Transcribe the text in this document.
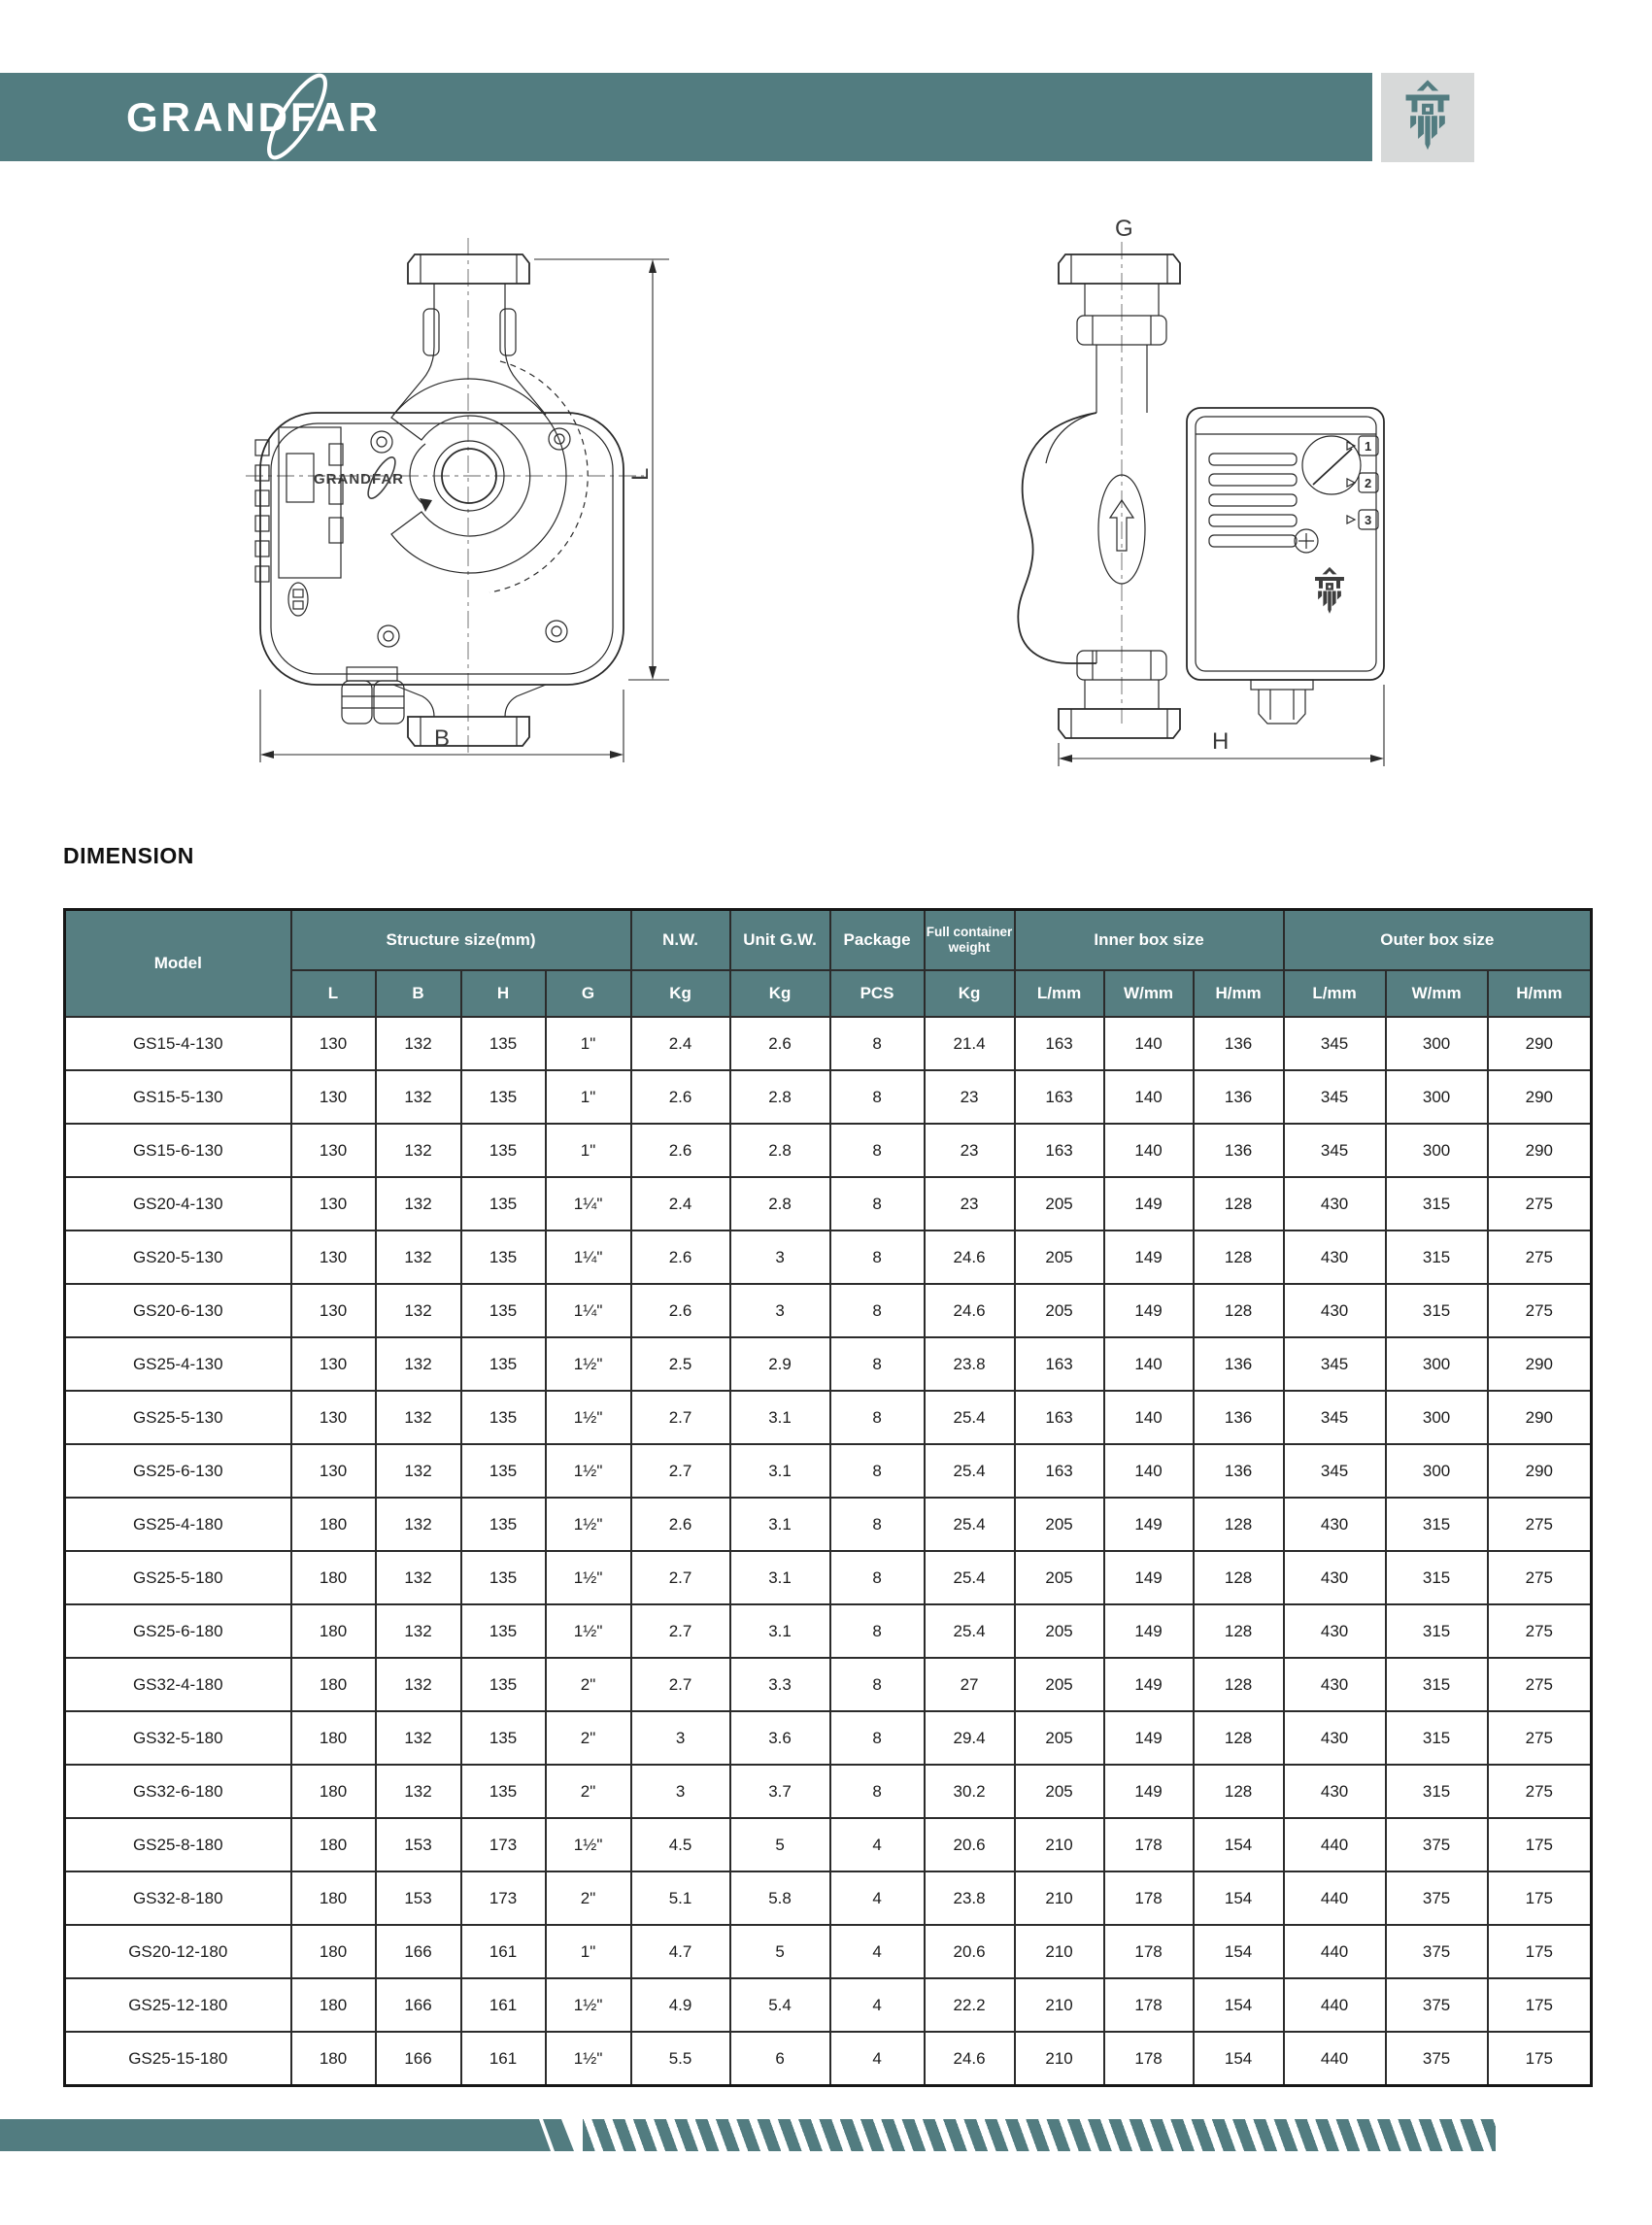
GRANDFAR
GRANDFAR
B
L
G
1
2
3
H
DIMENSION
Model	Structure size(mm)				N.W.	Unit G.W.	Package	Full container weight	Inner box size			Outer box size		
	L	B	H	G	Kg	Kg	PCS	Kg	L/mm	W/mm	H/mm	L/mm	W/mm	H/mm
GS15-4-130	130	132	135	1"	2.4	2.6	8	21.4	163	140	136	345	300	290
GS15-5-130	130	132	135	1"	2.6	2.8	8	23	163	140	136	345	300	290
GS15-6-130	130	132	135	1"	2.6	2.8	8	23	163	140	136	345	300	290
GS20-4-130	130	132	135	1¼"	2.4	2.8	8	23	205	149	128	430	315	275
GS20-5-130	130	132	135	1¼"	2.6	3	8	24.6	205	149	128	430	315	275
GS20-6-130	130	132	135	1¼"	2.6	3	8	24.6	205	149	128	430	315	275
GS25-4-130	130	132	135	1½"	2.5	2.9	8	23.8	163	140	136	345	300	290
GS25-5-130	130	132	135	1½"	2.7	3.1	8	25.4	163	140	136	345	300	290
GS25-6-130	130	132	135	1½"	2.7	3.1	8	25.4	163	140	136	345	300	290
GS25-4-180	180	132	135	1½"	2.6	3.1	8	25.4	205	149	128	430	315	275
GS25-5-180	180	132	135	1½"	2.7	3.1	8	25.4	205	149	128	430	315	275
GS25-6-180	180	132	135	1½"	2.7	3.1	8	25.4	205	149	128	430	315	275
GS32-4-180	180	132	135	2"	2.7	3.3	8	27	205	149	128	430	315	275
GS32-5-180	180	132	135	2"	3	3.6	8	29.4	205	149	128	430	315	275
GS32-6-180	180	132	135	2"	3	3.7	8	30.2	205	149	128	430	315	275
GS25-8-180	180	153	173	1½"	4.5	5	4	20.6	210	178	154	440	375	175
GS32-8-180	180	153	173	2"	5.1	5.8	4	23.8	210	178	154	440	375	175
GS20-12-180	180	166	161	1"	4.7	5	4	20.6	210	178	154	440	375	175
GS25-12-180	180	166	161	1½"	4.9	5.4	4	22.2	210	178	154	440	375	175
GS25-15-180	180	166	161	1½"	5.5	6	4	24.6	210	178	154	440	375	175
